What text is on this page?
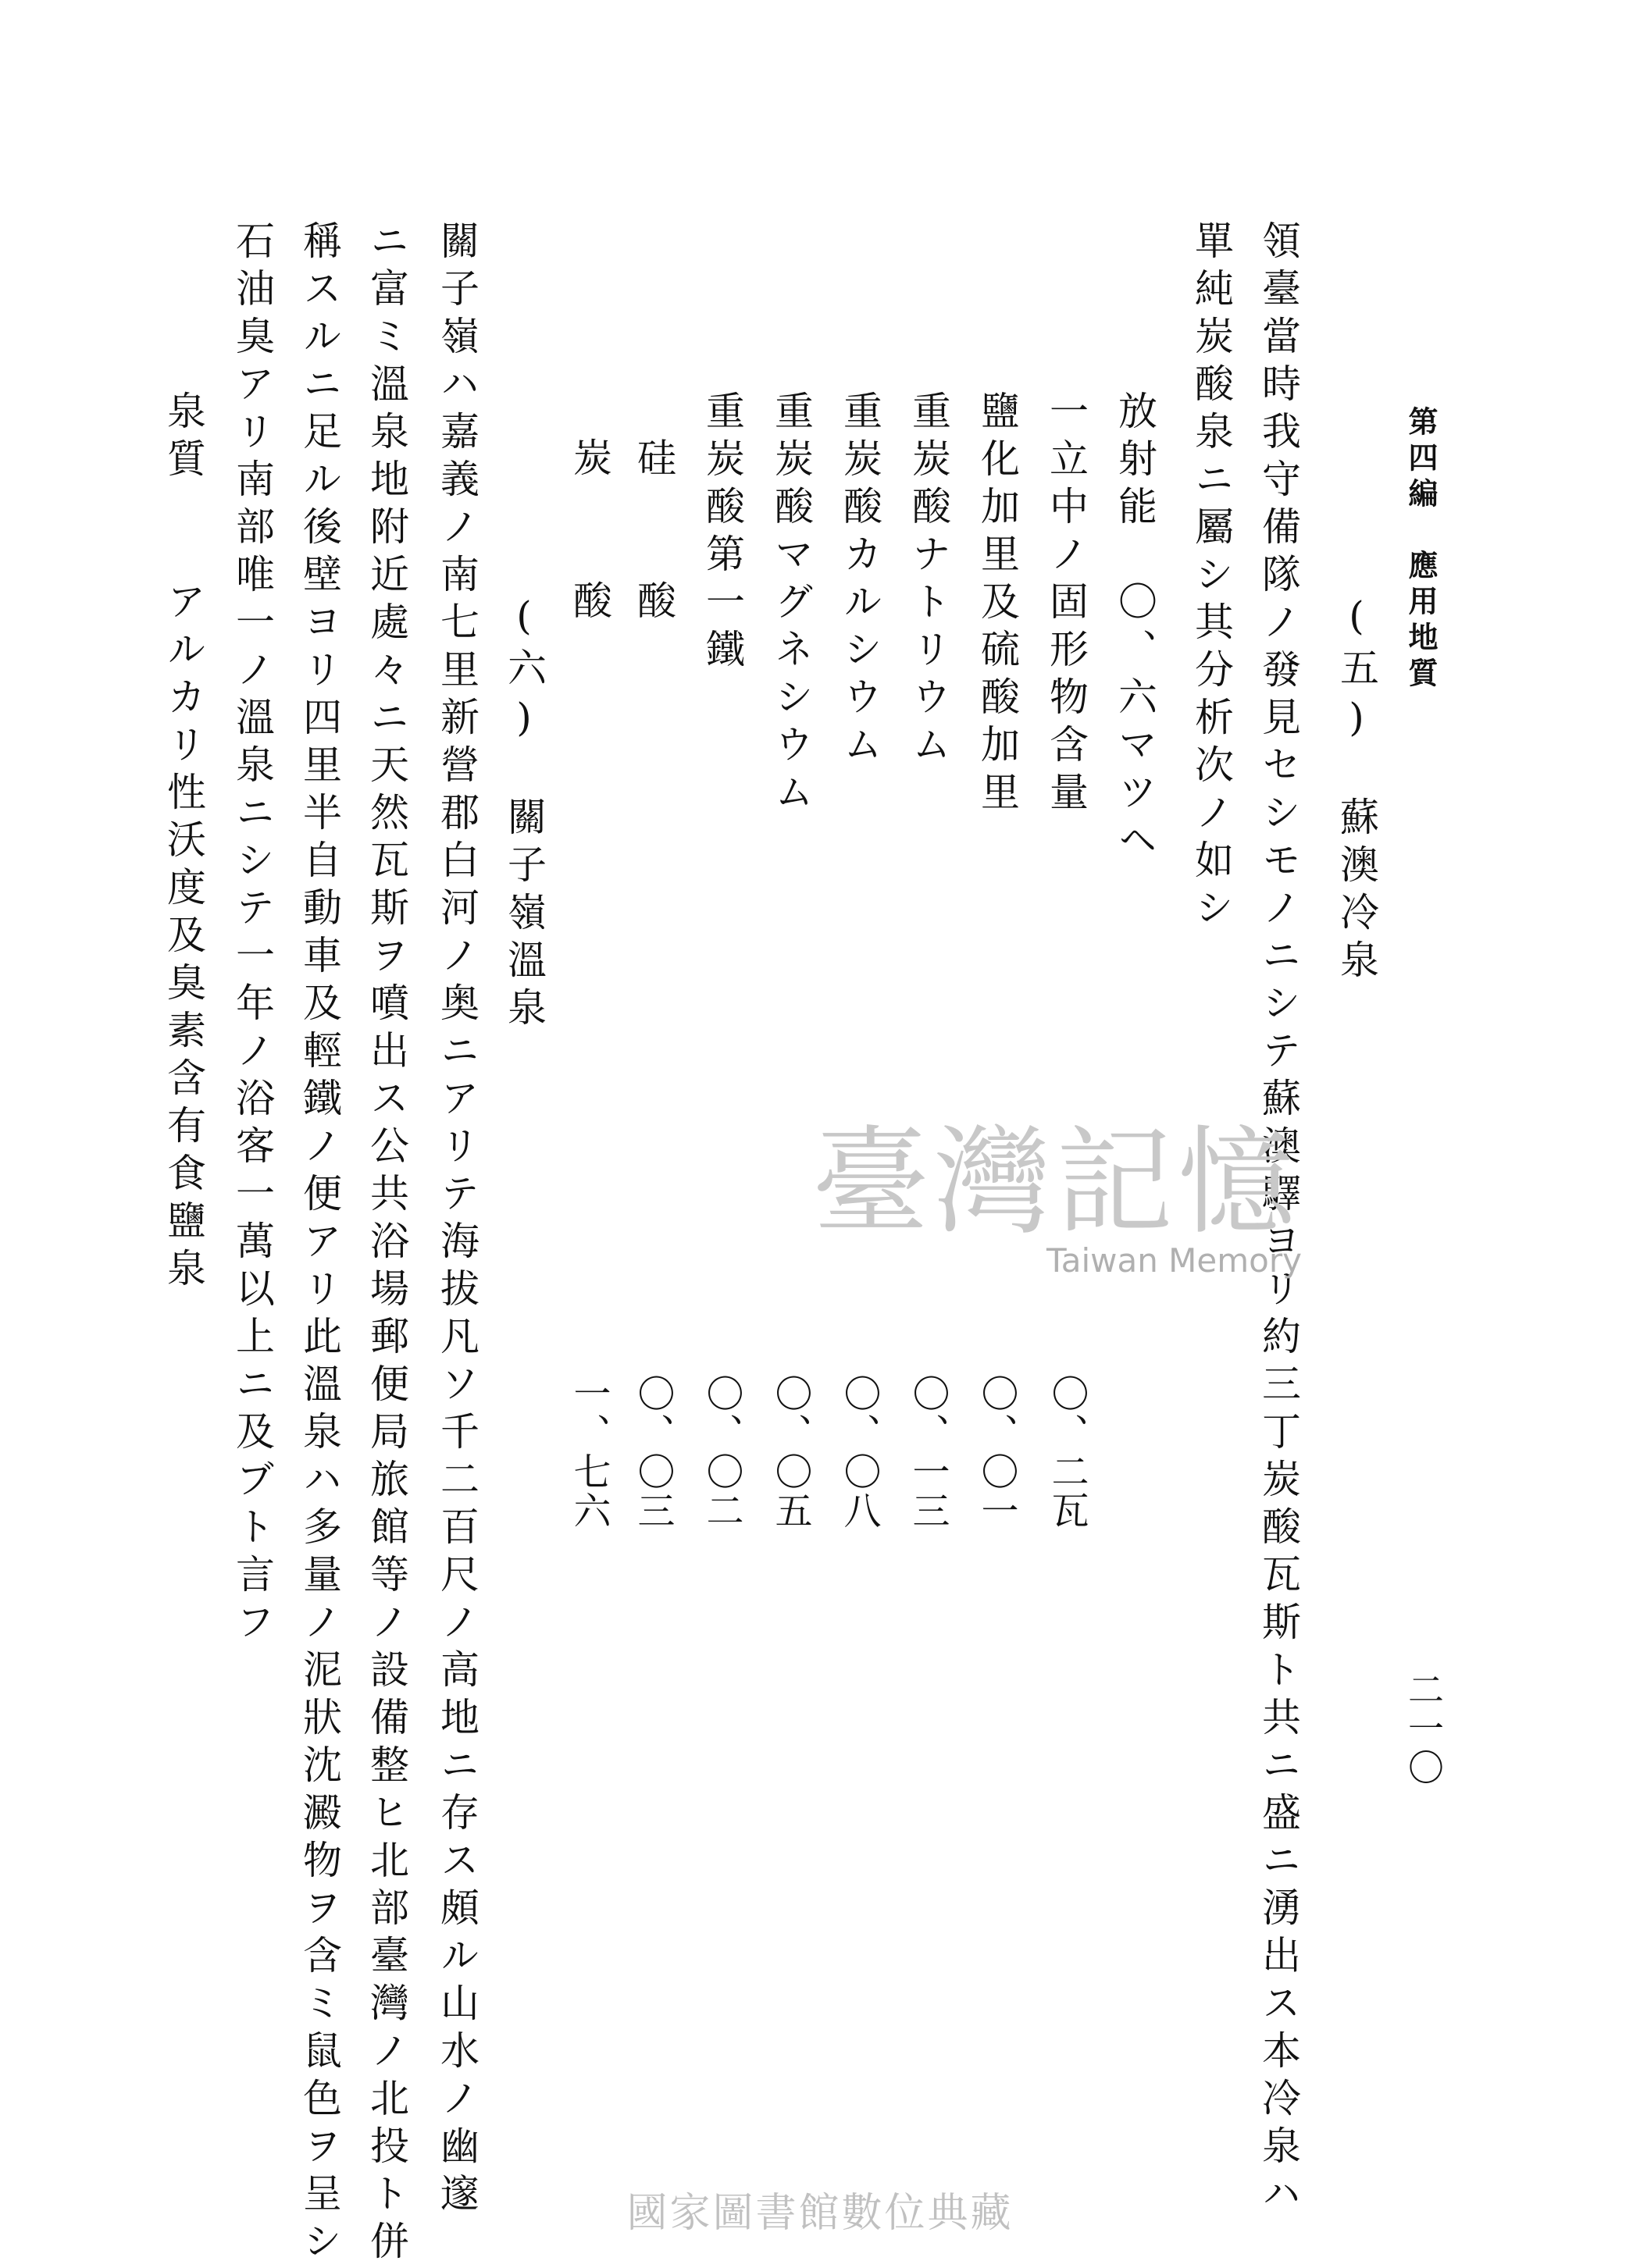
第四編　應用地質
二一〇
(五)　蘇澳冷泉
領臺當時我守備隊ノ發見セシモノニシテ蘇澳驛ヨリ約三丁炭酸瓦斯ト共ニ盛ニ湧出ス本冷泉ハ
單純炭酸泉ニ屬シ其分析次ノ如シ
放射能　〇、六マツヘ
一立中ノ固形物含量
〇、二瓦
鹽化加里及硫酸加里
〇、〇一
重炭酸ナトリウム
〇、一三
重炭酸カルシウム
〇、〇八
重炭酸マグネシウム
〇、〇五
重炭酸第一鐵
〇、〇二
硅　　酸
〇、〇三
炭　　酸
一、七六
(六)　關子嶺溫泉
關子嶺ハ嘉義ノ南七里新營郡白河ノ奥ニアリテ海拔凡ソ千二百尺ノ高地ニ存ス頗ル山水ノ幽邃
ニ富ミ溫泉地附近處々ニ天然瓦斯ヲ噴出ス公共浴場郵便局旅館等ノ設備整ヒ北部臺灣ノ北投ト併
稱スルニ足ル後壁ヨリ四里半自動車及輕鐵ノ便アリ此溫泉ハ多量ノ泥狀沈澱物ヲ含ミ鼠色ヲ呈シ
石油臭アリ南部唯一ノ溫泉ニシテ一年ノ浴客一萬以上ニ及ブト言フ
泉質　　アルカリ性沃度及臭素含有食鹽泉	臺灣記憶
Taiwan Memory
國家圖書館數位典藏
